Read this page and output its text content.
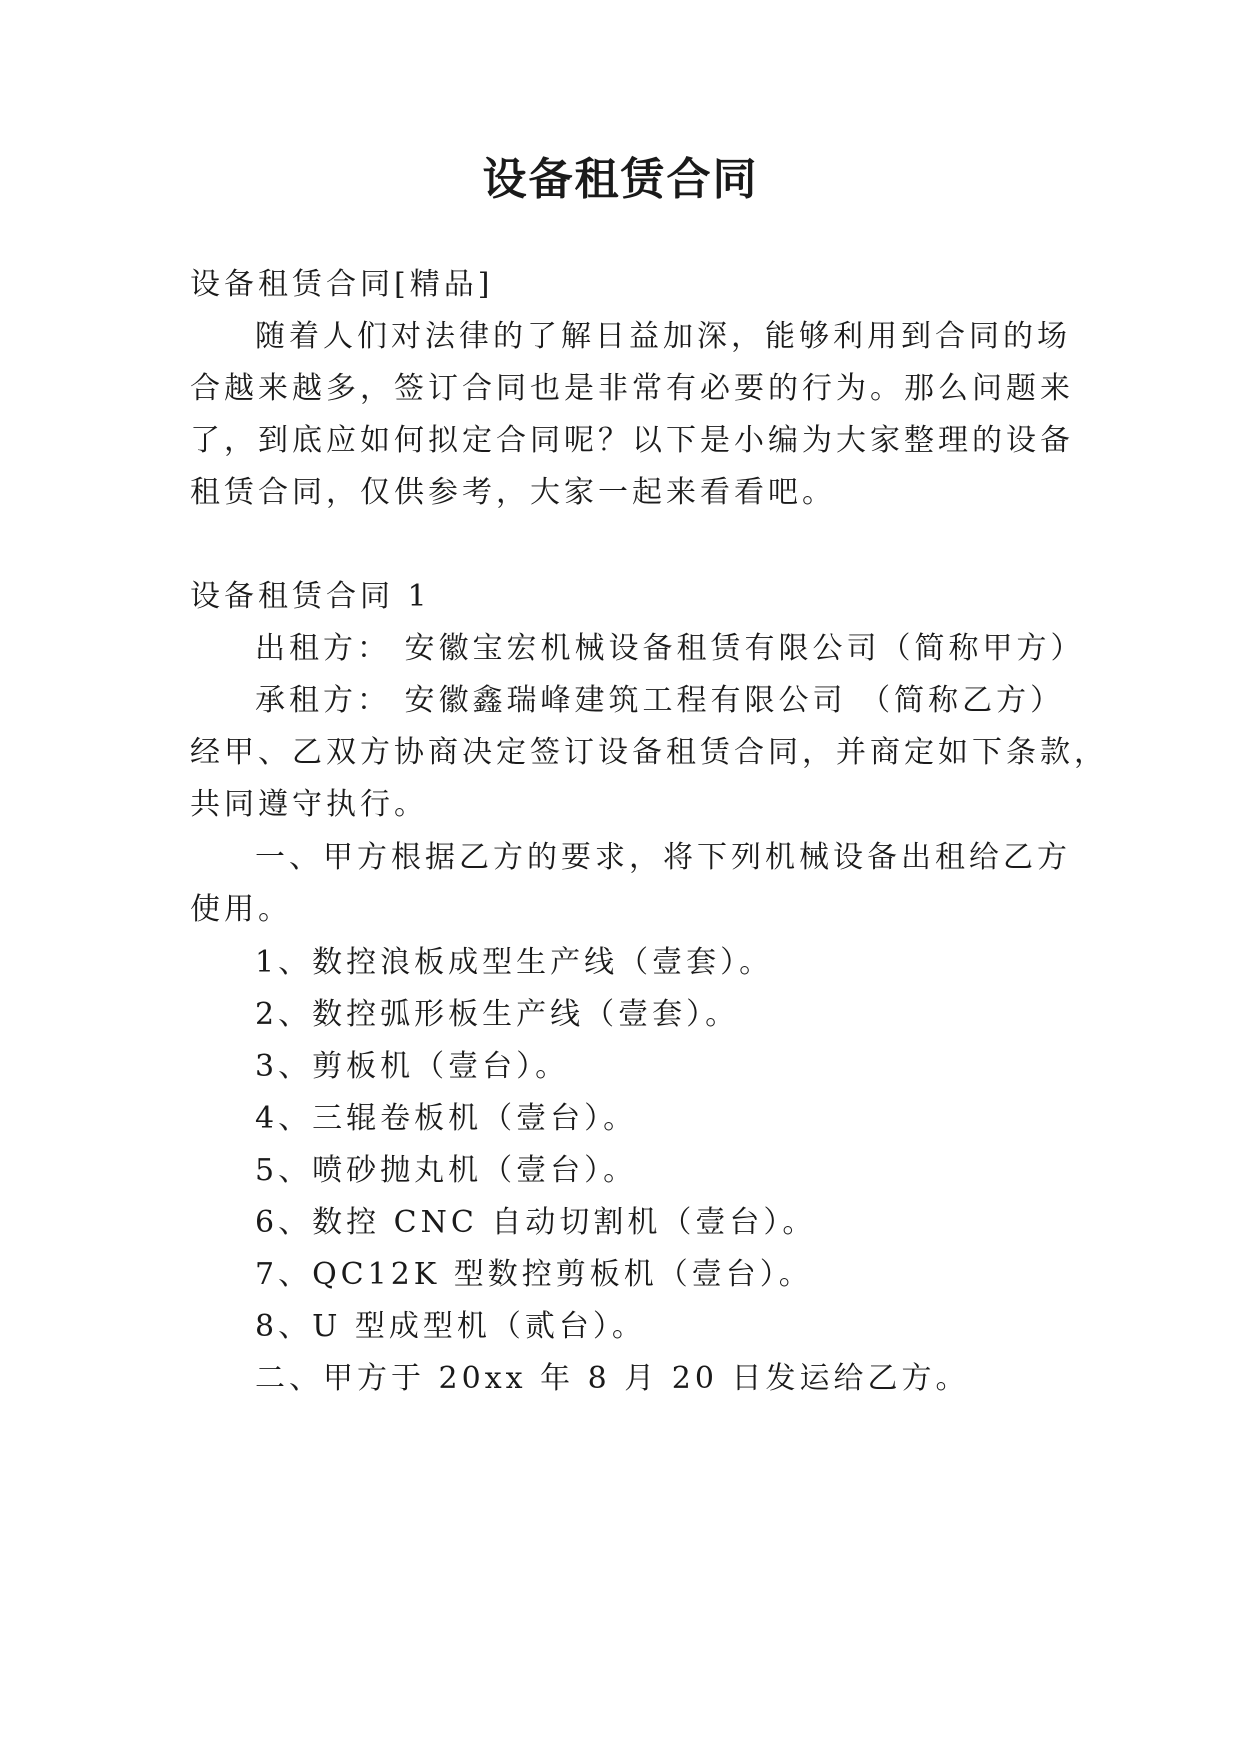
设备租赁合同
设备租赁合同[精品]
随着人们对法律的了解日益加深，能够利用到合同的场
合越来越多，签订合同也是非常有必要的行为。那么问题来
了，到底应如何拟定合同呢？以下是小编为大家整理的设备
租赁合同，仅供参考，大家一起来看看吧。
设备租赁合同 1
出租方： 安徽宝宏机械设备租赁有限公司（简称甲方）
承租方： 安徽鑫瑞峰建筑工程有限公司 （简称乙方）
经甲、乙双方协商决定签订设备租赁合同，并商定如下条款，
共同遵守执行。
一、甲方根据乙方的要求，将下列机械设备出租给乙方
使用。
1、数控浪板成型生产线（壹套）。
2、数控弧形板生产线（壹套）。
3、剪板机（壹台）。
4、三辊卷板机（壹台）。
5、喷砂抛丸机（壹台）。
6、数控 CNC 自动切割机（壹台）。
7、QC12K 型数控剪板机（壹台）。
8、U 型成型机（贰台）。
二、甲方于 20xx 年 8 月 20 日发运给乙方。
